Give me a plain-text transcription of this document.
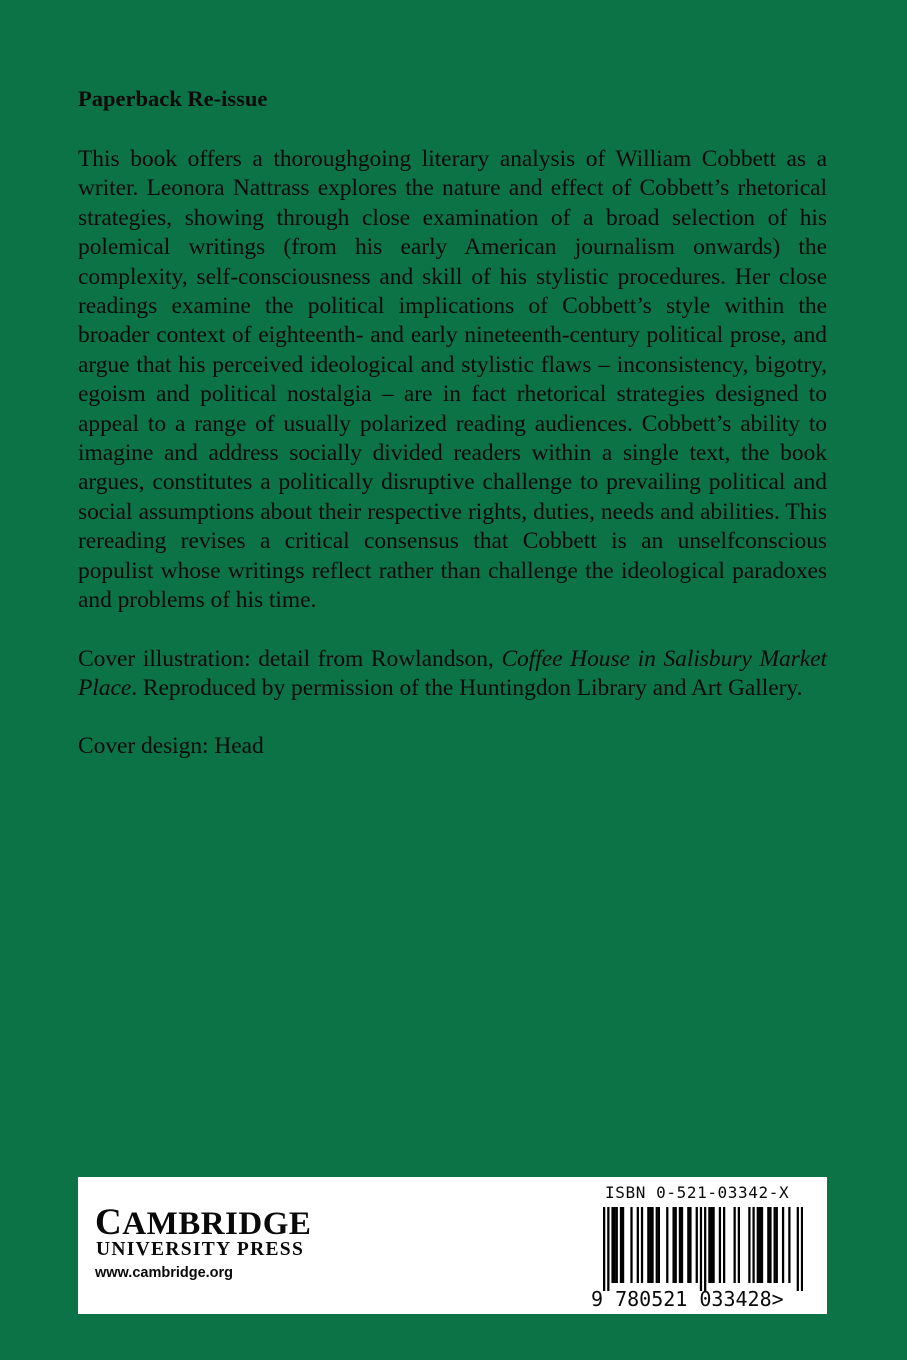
Paperback Re-issue

This book offers a thoroughgoing literary analysis of William Cobbett as a writer. Leonora Nattrass explores the nature and effect of Cobbett’s rhetorical strategies, showing through close examination of a broad selection of his polemical writings (from his early American journalism onwards) the complexity, self-consciousness and skill of his stylistic procedures. Her close readings examine the political implications of Cobbett’s style within the broader context of eighteenth- and early nineteenth-century political prose, and argue that his perceived ideological and stylistic flaws – inconsistency, bigotry, egoism and political nostalgia – are in fact rhetorical strategies designed to appeal to a range of usually polarized reading audiences. Cobbett’s ability to imagine and address socially divided readers within a single text, the book argues, constitutes a politically disruptive challenge to prevailing political and social assumptions about their respective rights, duties, needs and abilities. This rereading revises a critical consensus that Cobbett is an unselfconscious populist whose writings reflect rather than challenge the ideological paradoxes and problems of his time.

Cover illustration: detail from Rowlandson, Coffee House in Salisbury Market Place. Reproduced by permission of the Huntingdon Library and Art Gallery.

Cover design: Head

CAMBRIDGE
UNIVERSITY PRESS
www.cambridge.org
ISBN 0-521-03342-X
9 780521 033428>
